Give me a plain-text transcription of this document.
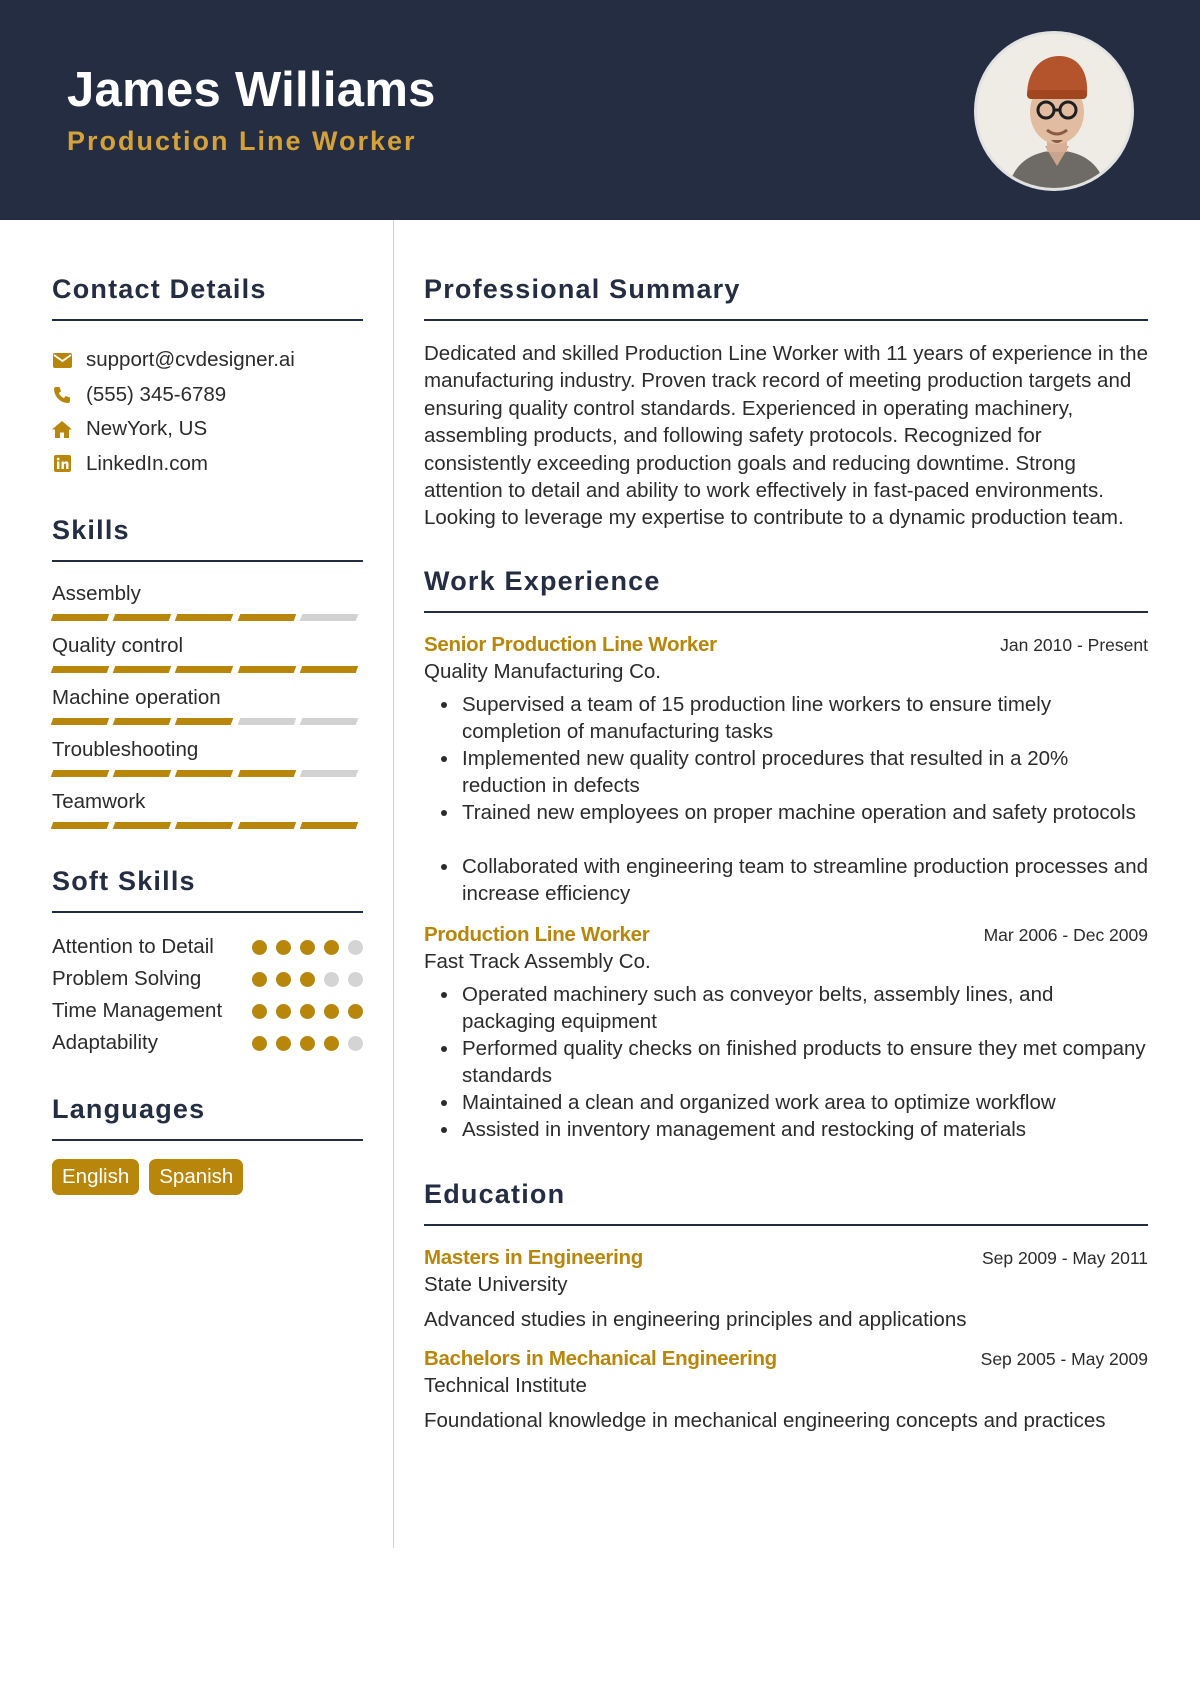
James Williams
Production Line Worker
Contact Details
support@cvdesigner.ai
(555) 345-6789
NewYork, US
LinkedIn.com
Skills
Assembly
Quality control
Machine operation
Troubleshooting
Teamwork
Soft Skills
Attention to Detail
Problem Solving
Time Management
Adaptability
Languages
English	Spanish
Professional Summary
Dedicated and skilled Production Line Worker with 11 years of experience in the manufacturing industry. Proven track record of meeting production targets and ensuring quality control standards. Experienced in operating machinery, assembling products, and following safety protocols. Recognized for consistently exceeding production goals and reducing downtime. Strong attention to detail and ability to work effectively in fast-paced environments. Looking to leverage my expertise to contribute to a dynamic production team.
Work Experience
Senior Production Line Worker	Jan 2010 - Present
Quality Manufacturing Co.
Supervised a team of 15 production line workers to ensure timely completion of manufacturing tasks
Implemented new quality control procedures that resulted in a 20% reduction in defects
Trained new employees on proper machine operation and safety protocols
Collaborated with engineering team to streamline production processes and increase efficiency
Production Line Worker	Mar 2006 - Dec 2009
Fast Track Assembly Co.
Operated machinery such as conveyor belts, assembly lines, and packaging equipment
Performed quality checks on finished products to ensure they met company standards
Maintained a clean and organized work area to optimize workflow
Assisted in inventory management and restocking of materials
Education
Masters in Engineering	Sep 2009 - May 2011
State University
Advanced studies in engineering principles and applications
Bachelors in Mechanical Engineering	Sep 2005 - May 2009
Technical Institute
Foundational knowledge in mechanical engineering concepts and practices
